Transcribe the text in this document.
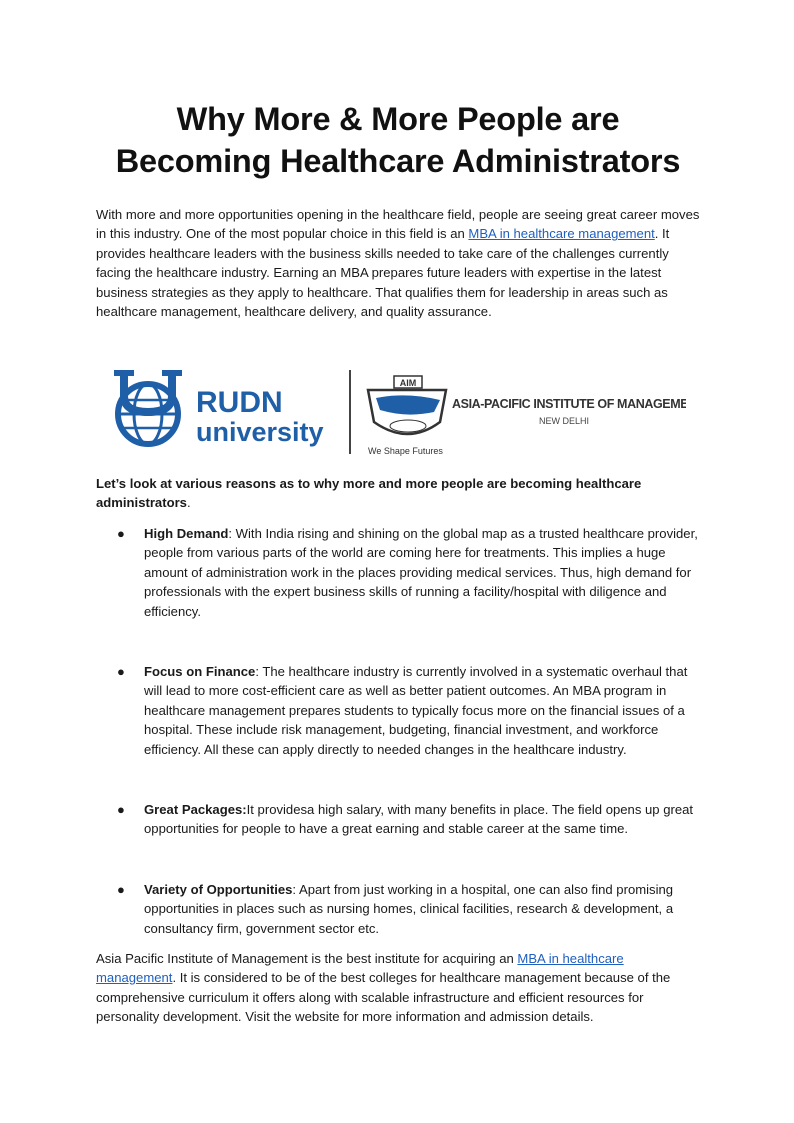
Why More & More People are
Becoming Healthcare Administrators

With more and more opportunities opening in the healthcare field, people are seeing great career moves in this industry. One of the most popular choice in this field is an MBA in healthcare management. It provides healthcare leaders with the business skills needed to take care of the challenges currently facing the healthcare industry. Earning an MBA prepares future leaders with expertise in the latest business strategies as they apply to healthcare. That qualifies them for leadership in areas such as healthcare management, healthcare delivery, and quality assurance.

RUDN
university
AIM
ASIA-PACIFIC INSTITUTE OF MANAGEMENT
NEW DELHI
We Shape Futures

Let’s look at various reasons as to why more and more people are becoming healthcare administrators.

● High Demand: With India rising and shining on the global map as a trusted healthcare provider, people from various parts of the world are coming here for treatments. This implies a huge amount of administration work in the places providing medical services. Thus, high demand for professionals with the expert business skills of running a facility/hospital with diligence and efficiency.
● Focus on Finance: The healthcare industry is currently involved in a systematic overhaul that will lead to more cost-efficient care as well as better patient outcomes. An MBA program in healthcare management prepares students to typically focus more on the financial issues of a hospital. These include risk management, budgeting, financial investment, and workforce efficiency. All these can apply directly to needed changes in the healthcare industry.
● Great Packages:It providesa high salary, with many benefits in place. The field opens up great opportunities for people to have a great earning and stable career at the same time.
● Variety of Opportunities: Apart from just working in a hospital, one can also find promising opportunities in places such as nursing homes, clinical facilities, research & development, a consultancy firm, government sector etc.

Asia Pacific Institute of Management is the best institute for acquiring an MBA in healthcare management. It is considered to be of the best colleges for healthcare management because of the comprehensive curriculum it offers along with scalable infrastructure and efficient resources for personality development. Visit the website for more information and admission details.
